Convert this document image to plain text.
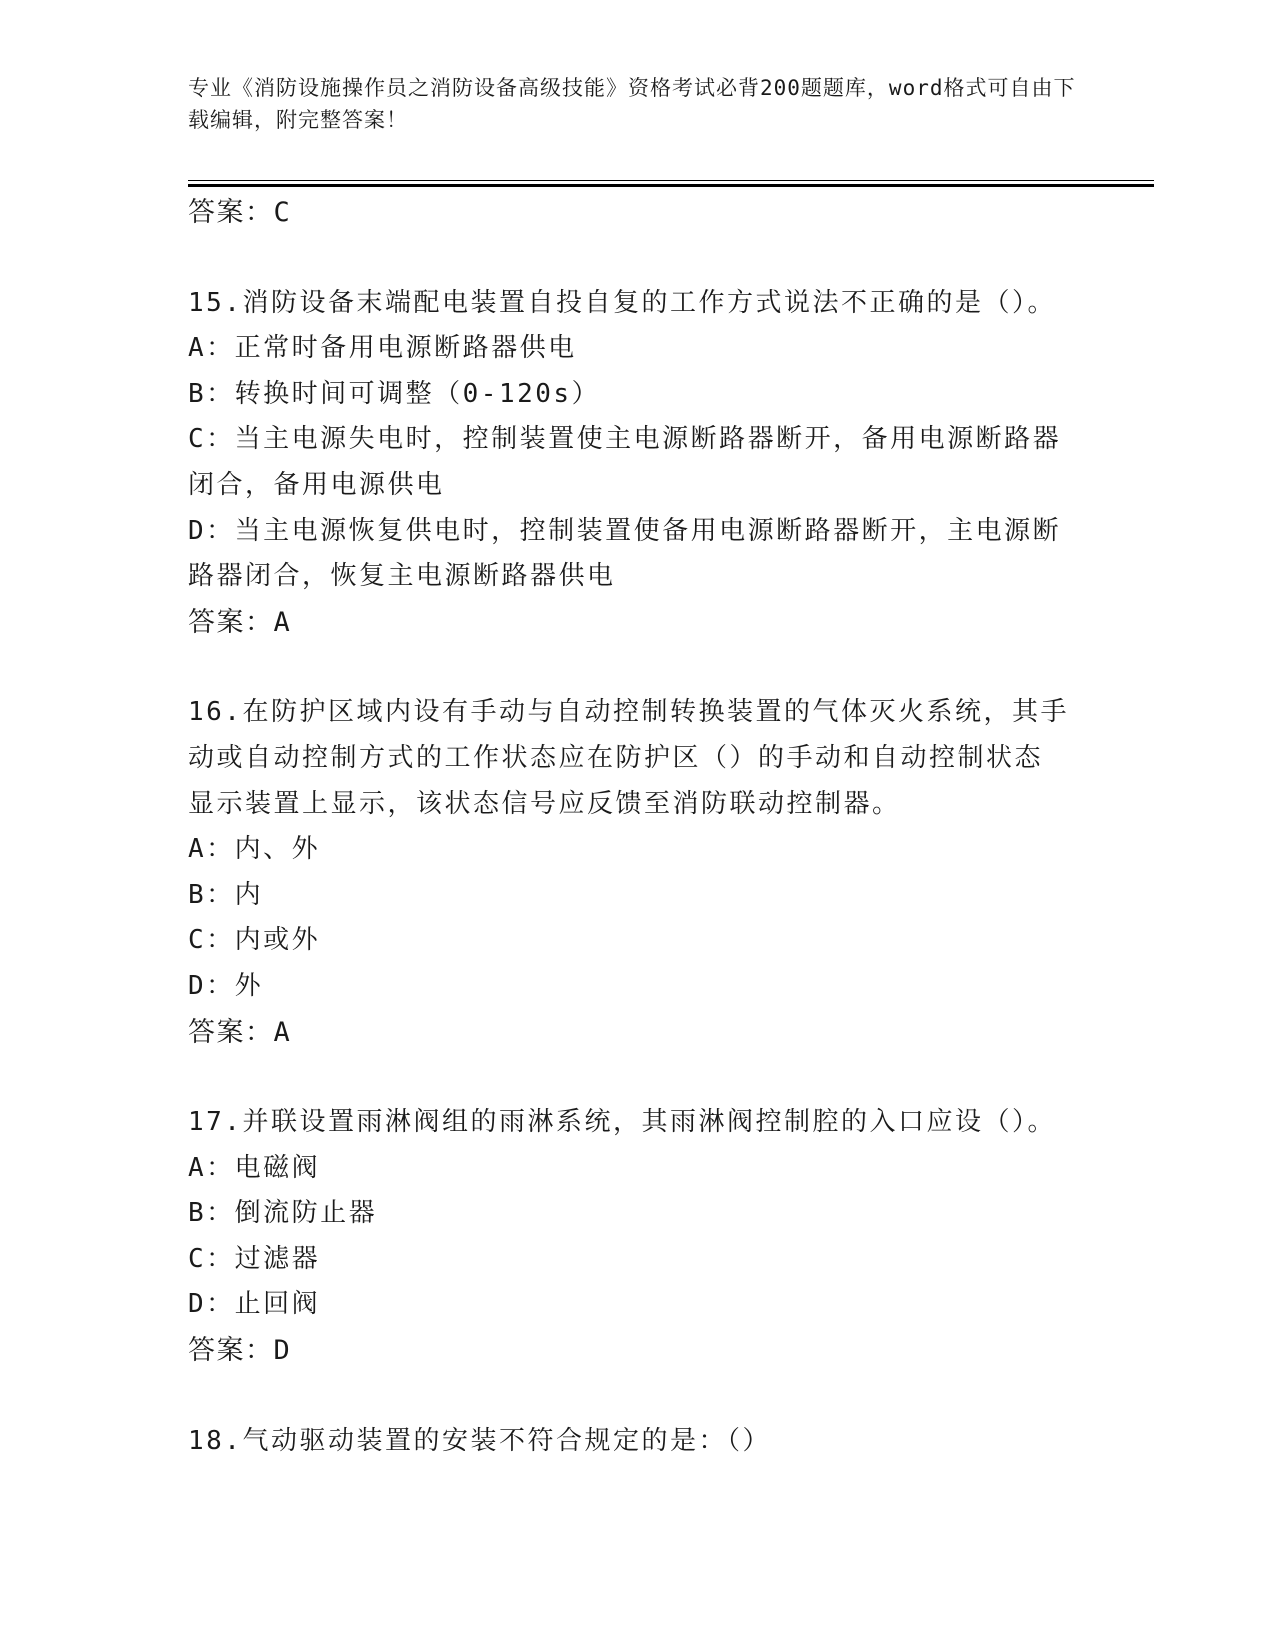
专业《消防设施操作员之消防设备高级技能》资格考试必背200题题库，word格式可自由下载编辑，附完整答案！

答案：C

15.消防设备末端配电装置自投自复的工作方式说法不正确的是（）。

A：正常时备用电源断路器供电

B：转换时间可调整（0-120s）

C：当主电源失电时，控制装置使主电源断路器断开，备用电源断路器

闭合，备用电源供电

D：当主电源恢复供电时，控制装置使备用电源断路器断开，主电源断

路器闭合，恢复主电源断路器供电

答案：A

16.在防护区域内设有手动与自动控制转换装置的气体灭火系统，其手

动或自动控制方式的工作状态应在防护区（）的手动和自动控制状态

显示装置上显示，该状态信号应反馈至消防联动控制器。

A：内、外

B：内

C：内或外

D：外

答案：A

17.并联设置雨淋阀组的雨淋系统，其雨淋阀控制腔的入口应设（）。

A：电磁阀

B：倒流防止器

C：过滤器

D：止回阀

答案：D

18.气动驱动装置的安装不符合规定的是：（）
